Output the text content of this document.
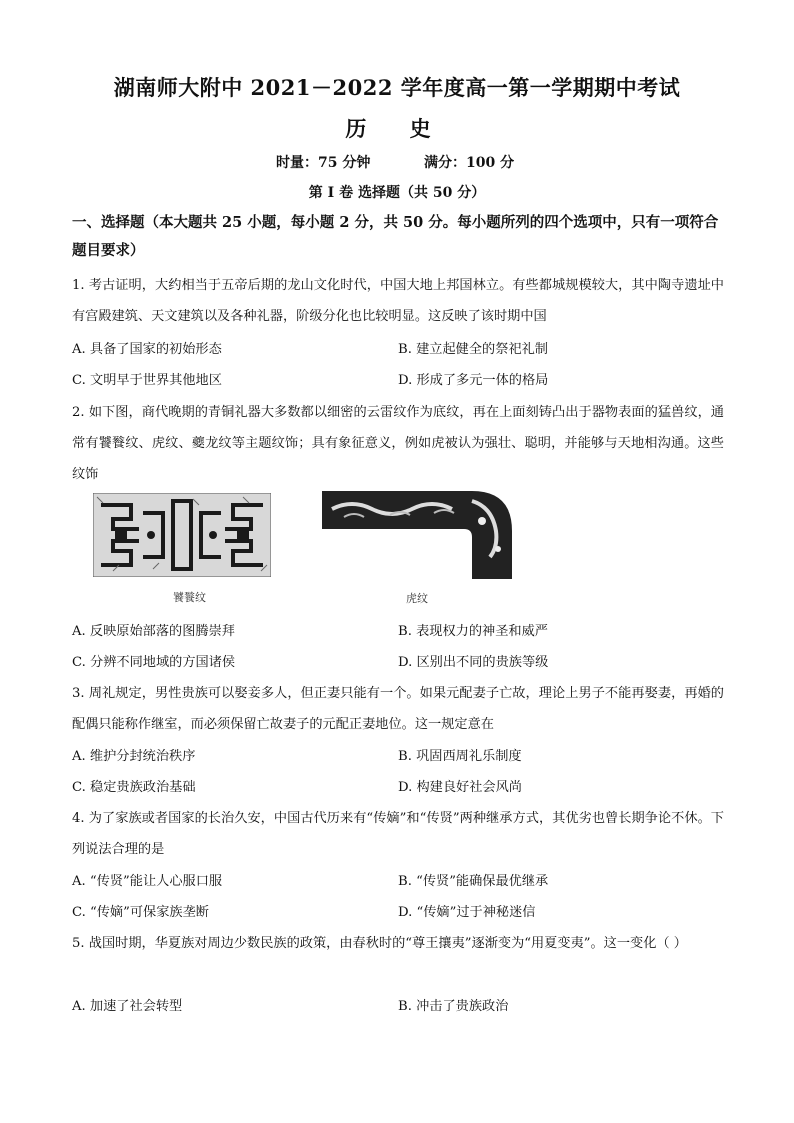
湖南师大附中 2021－2022 学年度高一第一学期期中考试
历 史
时量：75 分钟	满分：100 分
第 I 卷 选择题（共 50 分）
一、选择题（本大题共 25 小题，每小题 2 分，共 50 分。每小题所列的四个选项中，只有一项符合题目要求）
1. 考古证明，大约相当于五帝后期的龙山文化时代，中国大地上邦国林立。有些都城规模较大，其中陶寺遗址中有宫殿建筑、天文建筑以及各种礼器，阶级分化也比较明显。这反映了该时期中国
A. 具备了国家的初始形态	B. 建立起健全的祭祀礼制
C. 文明早于世界其他地区	D. 形成了多元一体的格局
2. 如下图，商代晚期的青铜礼器大多数都以细密的云雷纹作为底纹，再在上面刻铸凸出于器物表面的猛兽纹，通常有饕餮纹、虎纹、夔龙纹等主题纹饰；具有象征意义，例如虎被认为强壮、聪明，并能够与天地相沟通。这些纹饰
饕餮纹	虎纹
A. 反映原始部落的图腾崇拜	B. 表现权力的神圣和威严
C. 分辨不同地域的方国诸侯	D. 区别出不同的贵族等级
3. 周礼规定，男性贵族可以娶妾多人，但正妻只能有一个。如果元配妻子亡故，理论上男子不能再娶妻，再婚的配偶只能称作继室，而必须保留亡故妻子的元配正妻地位。这一规定意在
A. 维护分封统治秩序	B. 巩固西周礼乐制度
C. 稳定贵族政治基础	D. 构建良好社会风尚
4. 为了家族或者国家的长治久安，中国古代历来有“传嫡”和“传贤”两种继承方式，其优劣也曾长期争论不休。下列说法合理的是
A. “传贤”能让人心服口服	B. “传贤”能确保最优继承
C. “传嫡”可保家族垄断	D. “传嫡”过于神秘迷信
5. 战国时期，华夏族对周边少数民族的政策，由春秋时的“尊王攘夷”逐渐变为“用夏变夷”。这一变化（ ）
A. 加速了社会转型	B. 冲击了贵族政治
